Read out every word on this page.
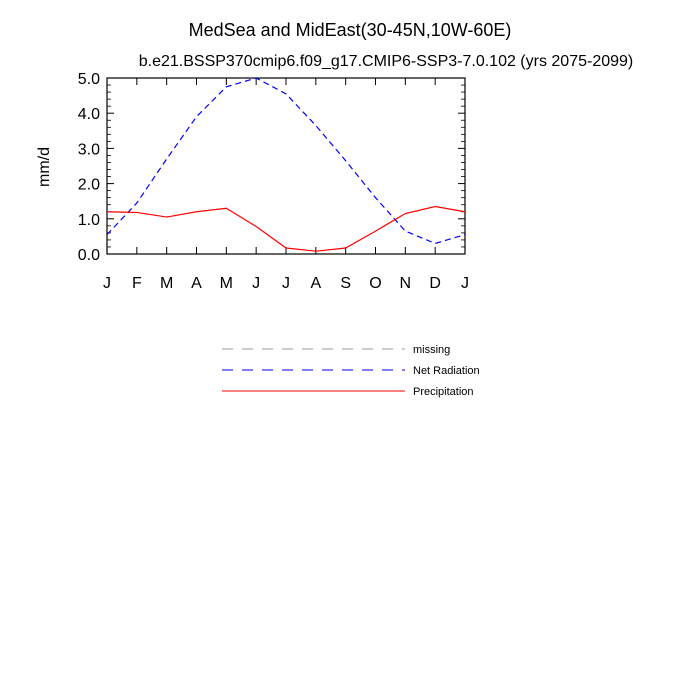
MedSea and MidEast(30-45N,10W-60E)
b.e21.BSSP370cmip6.f09_g17.CMIP6-SSP3-7.0.102 (yrs 2075-2099)
mm/d
0.0
1.0
2.0
3.0
4.0
5.0
J F M A M J J A S O N D J
missing
Net Radiation
Precipitation
